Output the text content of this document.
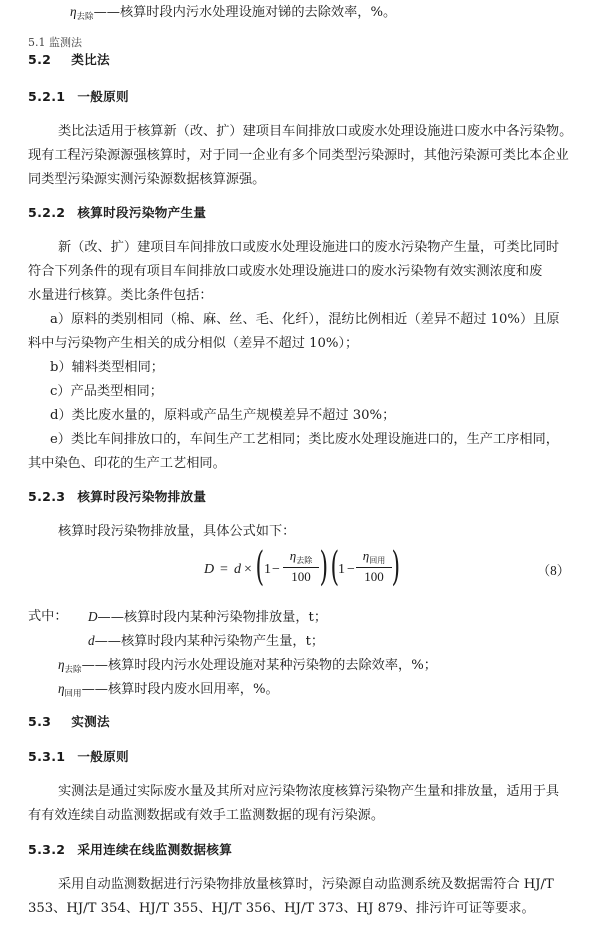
$\eta_{去除}——$核算时段内污水处理设施对锑的去除效率，%。
5.1 监测法
5.2 类比法
5.2.1 一般原则
类比法适用于核算新（改、扩）建项目车间排放口或废水处理设施进口废水中各污染物。
现有工程污染源源强核算时，对于同一企业有多个同类型污染源时，其他污染源可类比本企业
同类型污染源实测污染源数据核算源强。
5.2.2 核算时段污染物产生量
新（改、扩）建项目车间排放口或废水处理设施进口的废水污染物产生量，可类比同时
符合下列条件的现有项目车间排放口或废水处理设施进口的废水污染物有效实测浓度和废
水量进行核算。类比条件包括：
a）原料的类别相同（棉、麻、丝、毛、化纤），混纺比例相近（差异不超过 10%）且原
料中与污染物产生相关的成分相似（差异不超过 10%）；
b）辅料类型相同；
c）产品类型相同；
d）类比废水量的，原料或产品生产规模差异不超过 30%；
e）类比车间排放口的，车间生产工艺相同；类比废水处理设施进口的，生产工序相同，
其中染色、印花的生产工艺相同。
5.2.3 核算时段污染物排放量
核算时段污染物排放量，具体公式如下：
D = d × ( 1 −
$\eta_{去除}$
100 ) (
1 −
$\eta_{回用}$
100 )	（8）
式中： D——核算时段内某种污染物排放量，t；
d——核算时段内某种污染物产生量，t；
$\eta_{去除}——$核算时段内污水处理设施对某种污染物的去除效率，%；
$\eta_{回用}——$核算时段内废水回用率，%。
5.3 实测法
5.3.1 一般原则
实测法是通过实际废水量及其所对应污染物浓度核算污染物产生量和排放量，适用于具
有有效连续自动监测数据或有效手工监测数据的现有污染源。
5.3.2 采用连续在线监测数据核算
采用自动监测数据进行污染物排放量核算时，污染源自动监测系统及数据需符合 HJ/T
353、HJ/T 354、HJ/T 355、HJ/T 356、HJ/T 373、HJ 879、排污许可证等要求。
